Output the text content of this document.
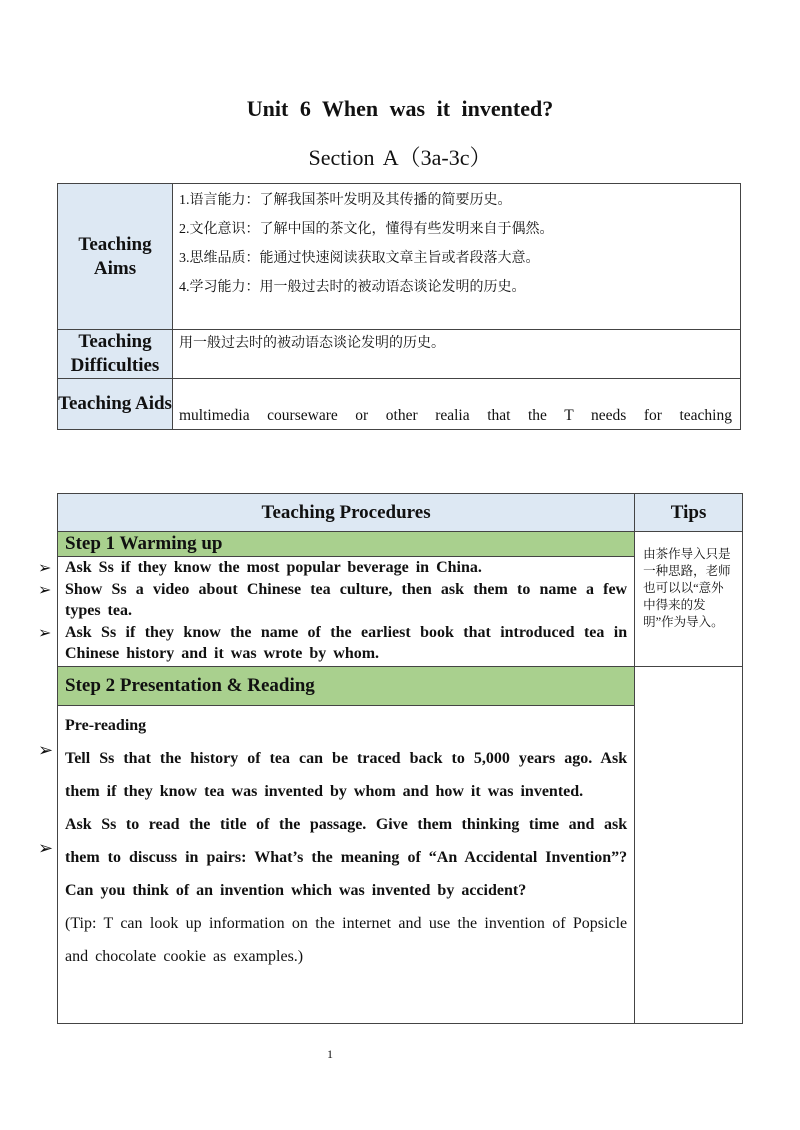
Unit 6 When was it invented?
Section A（3a-3c）
Teaching Aims	1.语言能力：了解我国茶叶发明及其传播的简要历史。
2.文化意识：了解中国的茶文化，懂得有些发明来自于偶然。
3.思维品质：能通过快速阅读获取文章主旨或者段落大意。
4.学习能力：用一般过去时的被动语态谈论发明的历史。

Teaching Difficulties	用一般过去时的被动语态谈论发明的历史。
Teaching Aids	multimedia courseware or other realia that the T needs for teaching
Teaching Procedures	Tips
Step 1 Warming up	由茶作导入只是一种思路，老师也可以以“意外中得来的发明”作为导入。

Ask Ss if they know the most popular beverage in China.

Show Ss a video about Chinese tea culture, then ask them to name a few types tea.

Ask Ss if they know the name of the earliest book that introduced tea in Chinese history and it was wrote by whom.	

Step 2 Presentation & Reading	

Pre-reading

Tell Ss that the history of tea can be traced back to 5,000 years ago. Ask them if they know tea was invented by whom and how it was invented.

Ask Ss to read the title of the passage. Give them thinking time and ask them to discuss in pairs: What’s the meaning of “An Accidental Invention”? Can you think of an invention which was invented by accident?

(Tip: T can look up information on the internet and use the invention of Popsicle and chocolate cookie as examples.)	

➢
➢
➢
➢
➢
1
